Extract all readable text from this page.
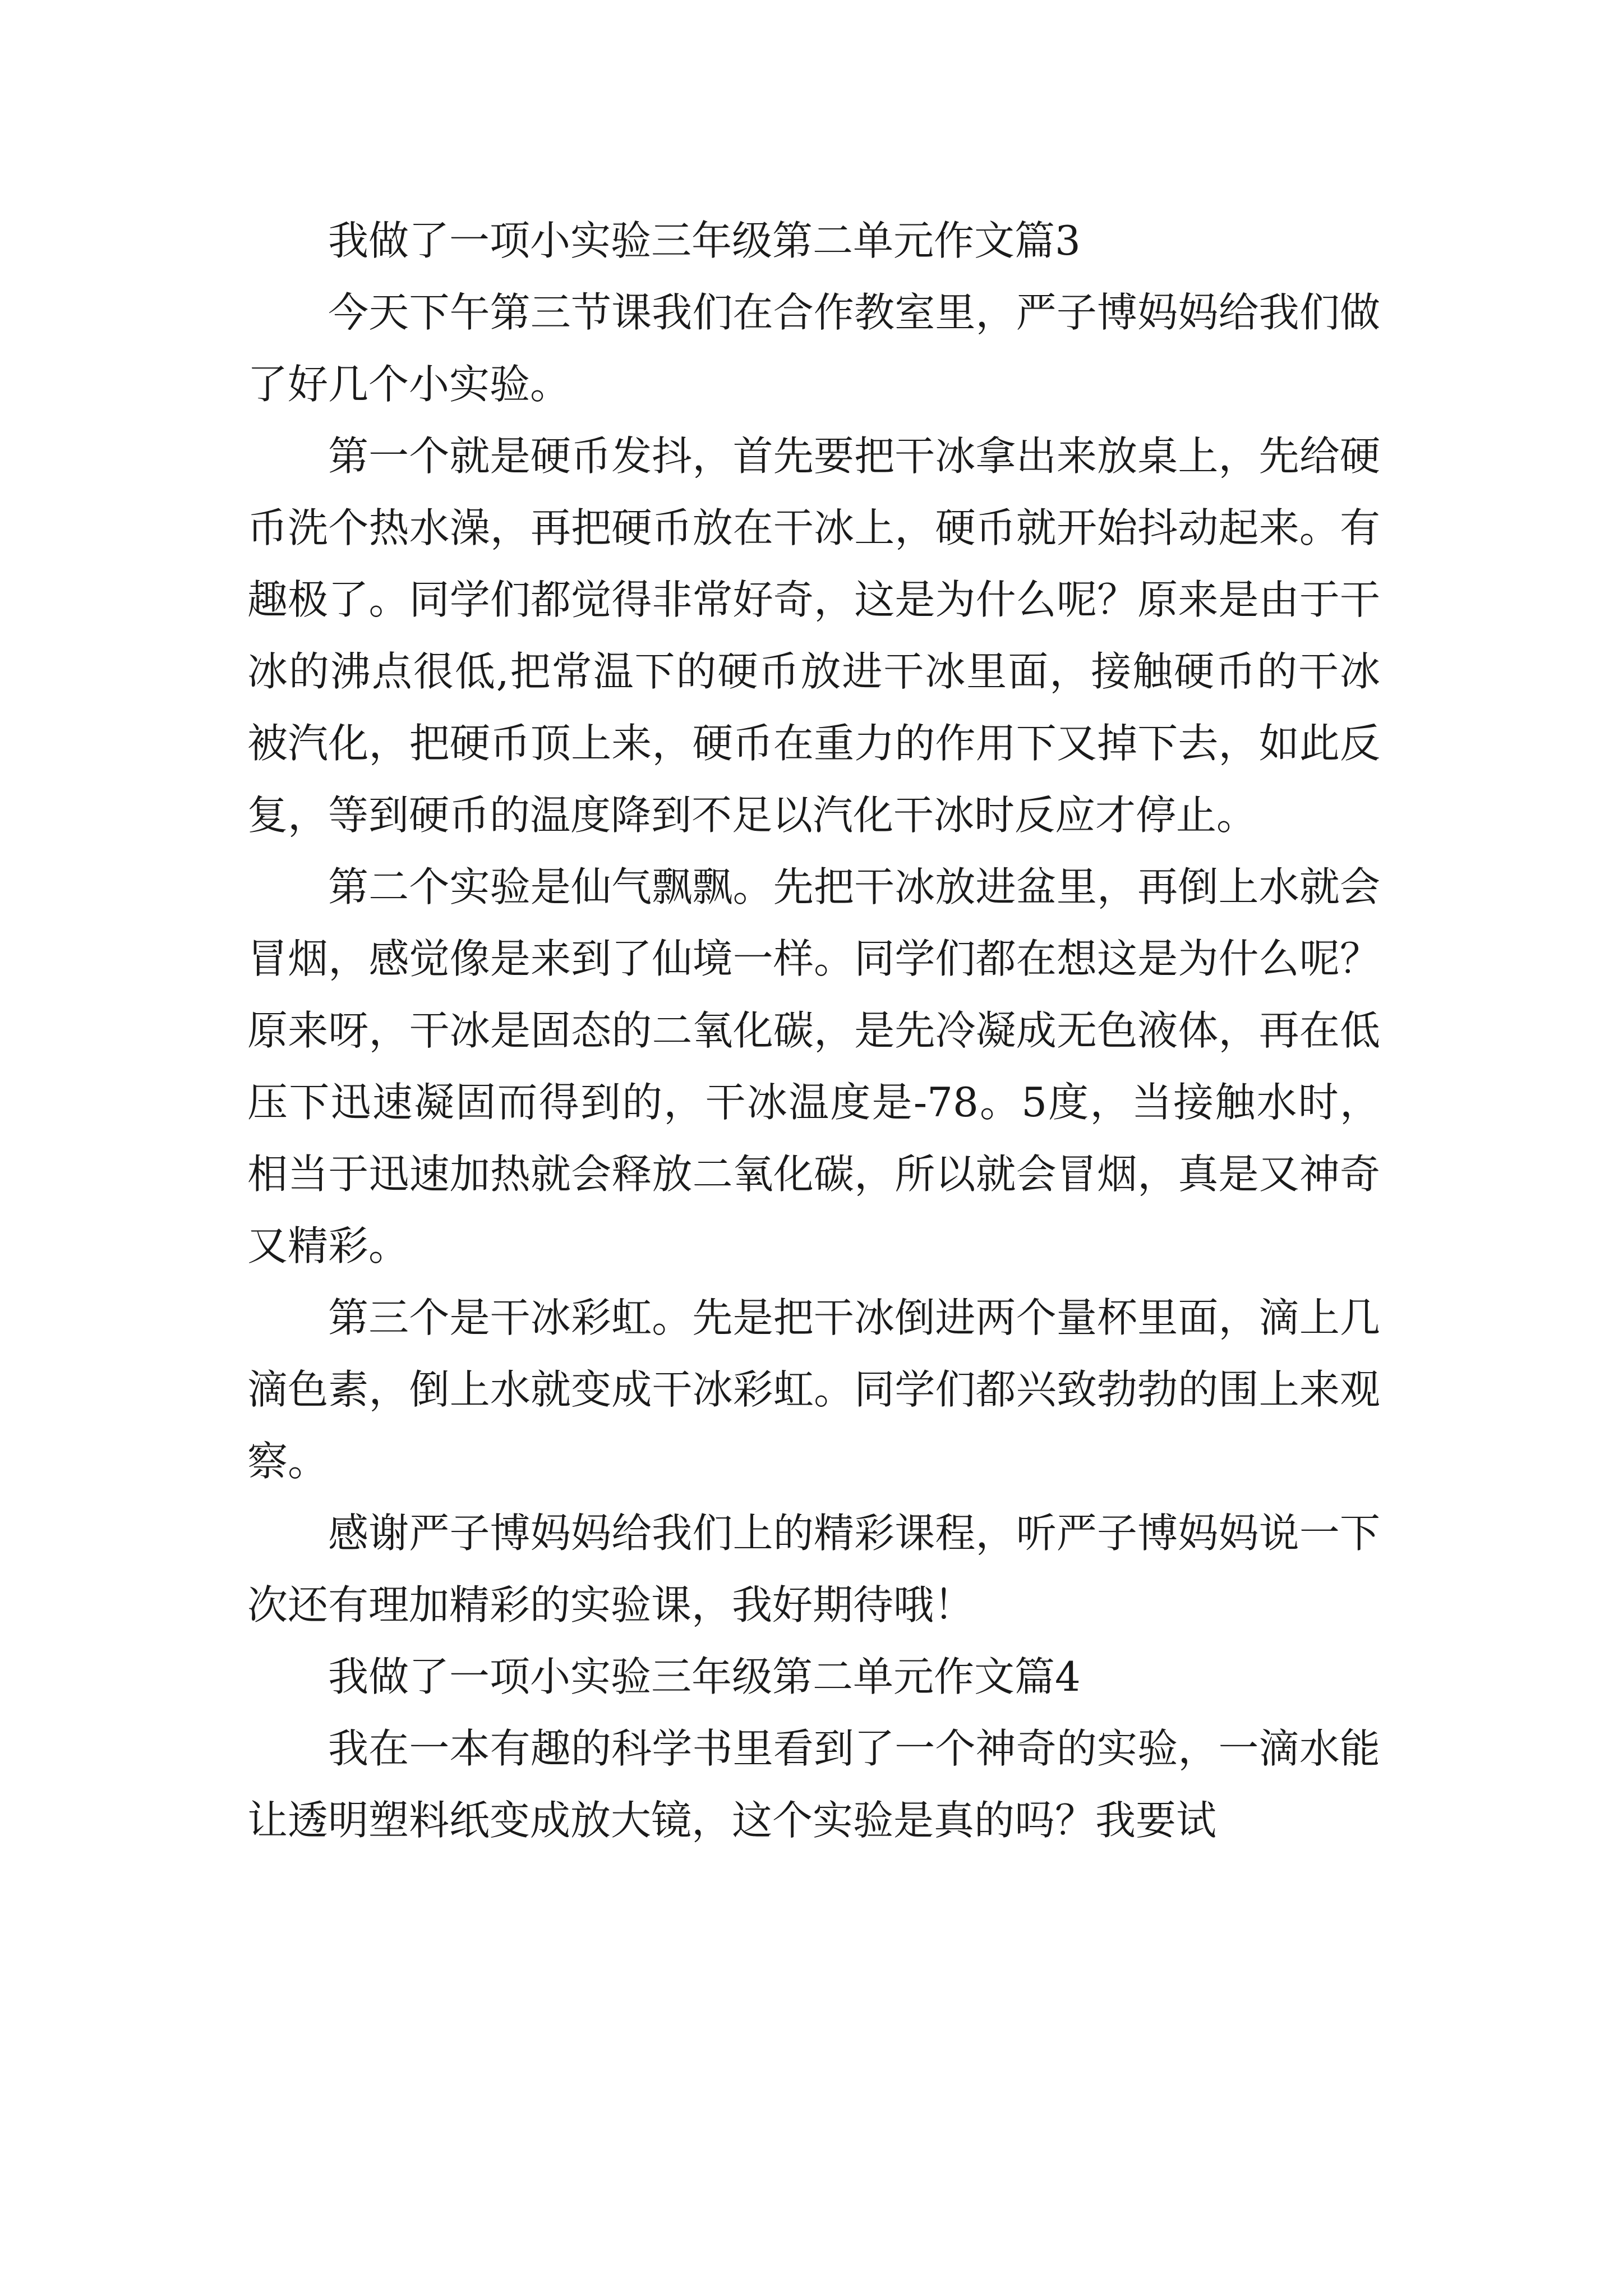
我做了一项小实验三年级第二单元作文篇3

今天下午第三节课我们在合作教室里，严子博妈妈给我们做了好几个小实验。

第一个就是硬币发抖，首先要把干冰拿出来放桌上，先给硬币洗个热水澡，再把硬币放在干冰上，硬币就开始抖动起来。有趣极了。同学们都觉得非常好奇，这是为什么呢？原来是由于干冰的沸点很低,把常温下的硬币放进干冰里面，接触硬币的干冰被汽化，把硬币顶上来，硬币在重力的作用下又掉下去，如此反复，等到硬币的温度降到不足以汽化干冰时反应才停止。

第二个实验是仙气飘飘。先把干冰放进盆里，再倒上水就会冒烟，感觉像是来到了仙境一样。同学们都在想这是为什么呢？原来呀，干冰是固态的二氧化碳，是先冷凝成无色液体，再在低压下迅速凝固而得到的，干冰温度是-78。5度，当接触水时，相当于迅速加热就会释放二氧化碳，所以就会冒烟，真是又神奇又精彩。

第三个是干冰彩虹。先是把干冰倒进两个量杯里面，滴上几滴色素，倒上水就变成干冰彩虹。同学们都兴致勃勃的围上来观察。

感谢严子博妈妈给我们上的精彩课程，听严子博妈妈说一下次还有理加精彩的实验课，我好期待哦！

我做了一项小实验三年级第二单元作文篇4

我在一本有趣的科学书里看到了一个神奇的实验，一滴水能让透明塑料纸变成放大镜，这个实验是真的吗？我要试
